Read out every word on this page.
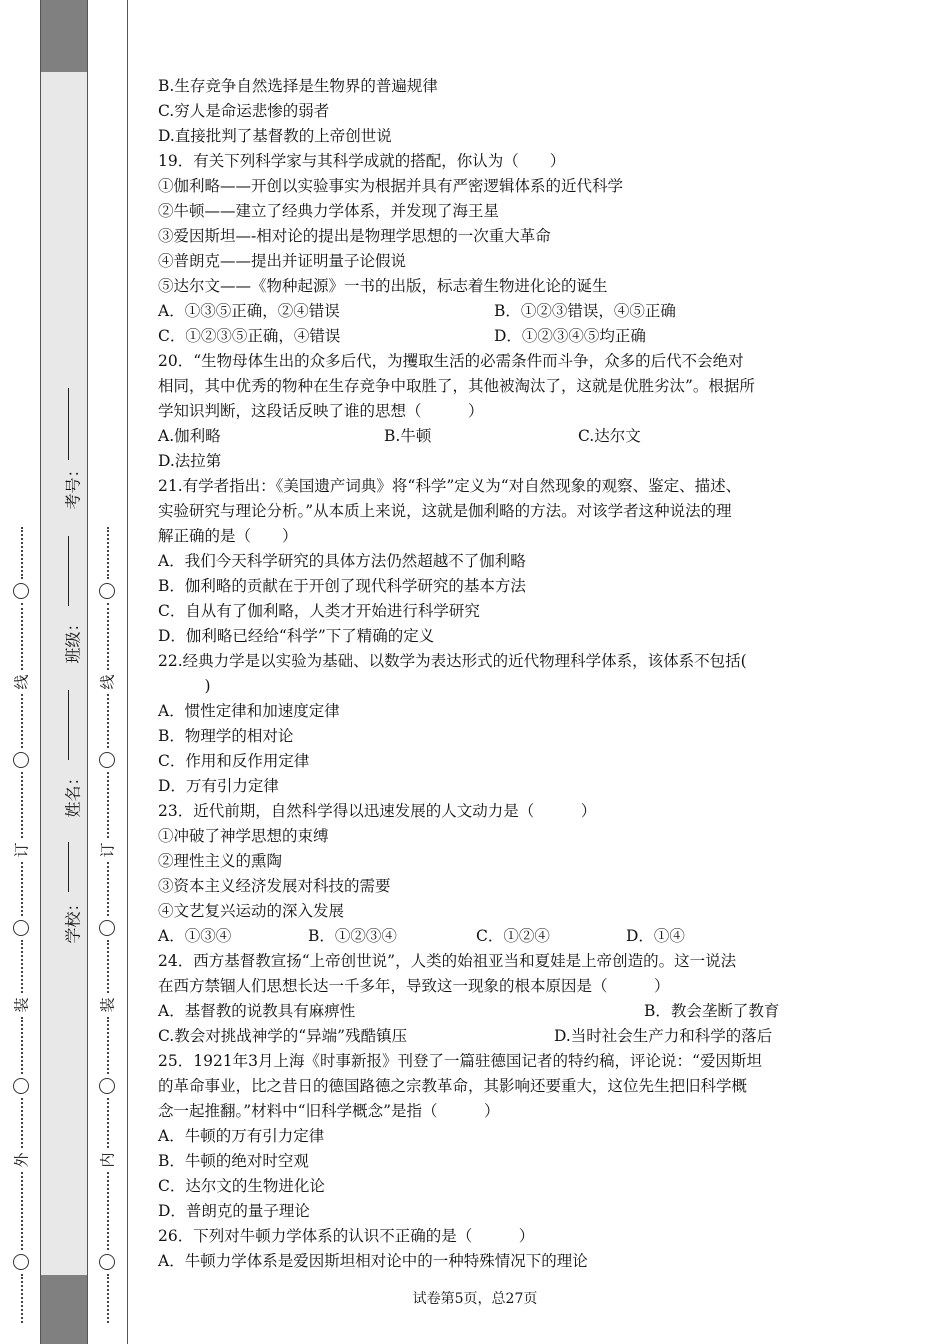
外
装
订
线
内
装
订
线
学校：
姓名：
班级：
考号：
B.生存竞争自然选择是生物界的普遍规律
C.穷人是命运悲惨的弱者
D.直接批判了基督教的上帝创世说
19．有关下列科学家与其科学成就的搭配，你认为（　　）
①伽利略——开创以实验事实为根据并具有严密逻辑体系的近代科学
②牛顿——建立了经典力学体系，并发现了海王星
③爱因斯坦—-相对论的提出是物理学思想的一次重大革命
④普朗克——提出并证明量子论假说
⑤达尔文——《物种起源》一书的出版，标志着生物进化论的诞生
A．①③⑤正确，②④错误	B．①②③错误，④⑤正确
C．①②③⑤正确，④错误	D．①②③④⑤均正确
20．“生物母体生出的众多后代，为攫取生活的必需条件而斗争，众多的后代不会绝对
相同，其中优秀的物种在生存竞争中取胜了，其他被淘汰了，这就是优胜劣汰”。根据所
学知识判断，这段话反映了谁的思想（　　　）
A.伽利略	B.牛顿	C.达尔文
D.法拉第
21.有学者指出：《美国遗产词典》将“科学”定义为“对自然现象的观察、鉴定、描述、
实验研究与理论分析。”从本质上来说，这就是伽利略的方法。对该学者这种说法的理
解正确的是（　　）
A．我们今天科学研究的具体方法仍然超越不了伽利略
B．伽利略的贡献在于开创了现代科学研究的基本方法
C．自从有了伽利略，人类才开始进行科学研究
D．伽利略已经给“科学”下了精确的定义
22.经典力学是以实验为基础、以数学为表达形式的近代物理科学体系，该体系不包括(
　　　)
A．惯性定律和加速度定律
B．物理学的相对论
C．作用和反作用定律
D．万有引力定律
23．近代前期，自然科学得以迅速发展的人文动力是（　　　）
①冲破了神学思想的束缚
②理性主义的熏陶
③资本主义经济发展对科技的需要
④文艺复兴运动的深入发展
A．①③④	B．①②③④	C．①②④	D．①④
24．西方基督教宣扬“上帝创世说”，人类的始祖亚当和夏娃是上帝创造的。这一说法
在西方禁锢人们思想长达一千多年，导致这一现象的根本原因是（　　　）
A．基督教的说教具有麻痹性	B．教会垄断了教育
C.教会对挑战神学的“异端”残酷镇压	D.当时社会生产力和科学的落后
25．1921年3月上海《时事新报》刊登了一篇驻德国记者的特约稿，评论说：“爱因斯坦
的革命事业，比之昔日的德国路德之宗教革命，其影响还要重大，这位先生把旧科学概
念一起推翻。”材料中“旧科学概念”是指（　　　）
A．牛顿的万有引力定律
B．牛顿的绝对时空观
C．达尔文的生物进化论
D．普朗克的量子理论
26．下列对牛顿力学体系的认识不正确的是（　　　）
A．牛顿力学体系是爱因斯坦相对论中的一种特殊情况下的理论
试卷第5页，总27页
